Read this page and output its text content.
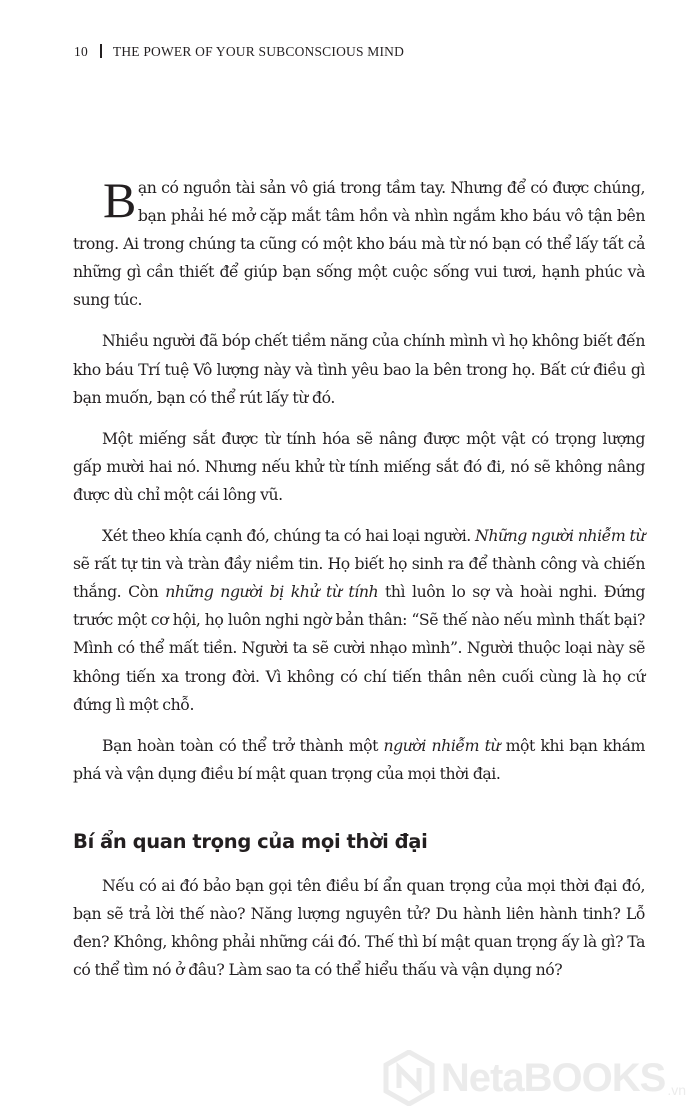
10 THE POWER OF YOUR SUBCONSCIOUS MIND

Bạn có nguồn tài sản vô giá trong tầm tay. Nhưng để có được chúng, bạn phải hé mở cặp mắt tâm hồn và nhìn ngắm kho báu vô tận bên trong. Ai trong chúng ta cũng có một kho báu mà từ nó bạn có thể lấy tất cả những gì cần thiết để giúp bạn sống một cuộc sống vui tươi, hạnh phúc và sung túc.

Nhiều người đã bóp chết tiềm năng của chính mình vì họ không biết đến kho báu Trí tuệ Vô lượng này và tình yêu bao la bên trong họ. Bất cứ điều gì bạn muốn, bạn có thể rút lấy từ đó.

Một miếng sắt được từ tính hóa sẽ nâng được một vật có trọng lượng gấp mười hai nó. Nhưng nếu khử từ tính miếng sắt đó đi, nó sẽ không nâng được dù chỉ một cái lông vũ.

Xét theo khía cạnh đó, chúng ta có hai loại người. Những người nhiễm từ sẽ rất tự tin và tràn đầy niềm tin. Họ biết họ sinh ra để thành công và chiến thắng. Còn những người bị khử từ tính thì luôn lo sợ và hoài nghi. Đứng trước một cơ hội, họ luôn nghi ngờ bản thân: “Sẽ thế nào nếu mình thất bại? Mình có thể mất tiền. Người ta sẽ cười nhạo mình”. Người thuộc loại này sẽ không tiến xa trong đời. Vì không có chí tiến thân nên cuối cùng là họ cứ đứng lì một chỗ.

Bạn hoàn toàn có thể trở thành một người nhiễm từ một khi bạn khám phá và vận dụng điều bí mật quan trọng của mọi thời đại.

Bí ẩn quan trọng của mọi thời đại

Nếu có ai đó bảo bạn gọi tên điều bí ẩn quan trọng của mọi thời đại đó, bạn sẽ trả lời thế nào? Năng lượng nguyên tử? Du hành liên hành tinh? Lỗ đen? Không, không phải những cái đó. Thế thì bí mật quan trọng ấy là gì? Ta có thể tìm nó ở đâu? Làm sao ta có thể hiểu thấu và vận dụng nó?

NetaBOOKS .vn
